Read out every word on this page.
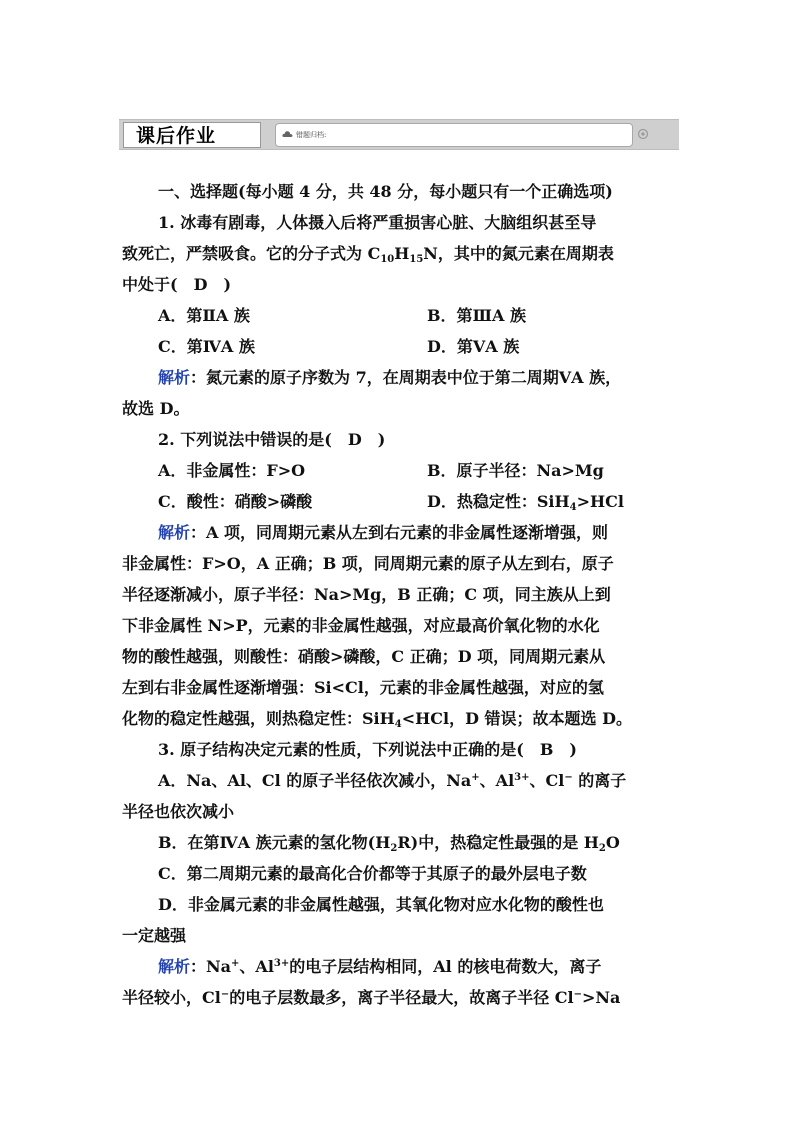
课后作业	错题归档:
一、选择题(每小题 4 分，共 48 分，每小题只有一个正确选项)
1. 冰毒有剧毒，人体摄入后将严重损害心脏、大脑组织甚至导
致死亡，严禁吸食。它的分子式为 $C_{10}H_{15}N$，其中的氮元素在周期表
中处于(　D　)
A．第ⅡA 族	B．第ⅢA 族
C．第ⅣA 族	D．第ⅤA 族
解析：氮元素的原子序数为 7，在周期表中位于第二周期ⅤA 族，
故选 D。
2. 下列说法中错误的是(　D　)
A．非金属性：F>O	B．原子半径：Na>Mg
C．酸性：硝酸>磷酸	D．热稳定性：SiH$_4$>HCl
解析：A 项，同周期元素从左到右元素的非金属性逐渐增强，则
非金属性：F>O，A 正确；B 项，同周期元素的原子从左到右，原子
半径逐渐减小，原子半径：Na>Mg，B 正确；C 项，同主族从上到
下非金属性 N>P，元素的非金属性越强，对应最高价氧化物的水化
物的酸性越强，则酸性：硝酸>磷酸，C 正确；D 项，同周期元素从
左到右非金属性逐渐增强：Si<Cl，元素的非金属性越强，对应的氢
化物的稳定性越强，则热稳定性：SiH$_4$<HCl，D 错误；故本题选 D。
3. 原子结构决定元素的性质，下列说法中正确的是(　B　)
A．Na、Al、Cl 的原子半径依次减小，Na+、$Al^{3+}$、Cl− 的离子
半径也依次减小
B．在第ⅣA 族元素的氢化物$(H_2R)$中，热稳定性最强的是 $H_2O$
C．第二周期元素的最高化合价都等于其原子的最外层电子数
D．非金属元素的非金属性越强，其氧化物对应水化物的酸性也
一定越强
解析：Na+、$Al^{3+}$的电子层结构相同，Al 的核电荷数大，离子
半径较小，Cl−的电子层数最多，离子半径最大，故离子半径 Cl−>Na
